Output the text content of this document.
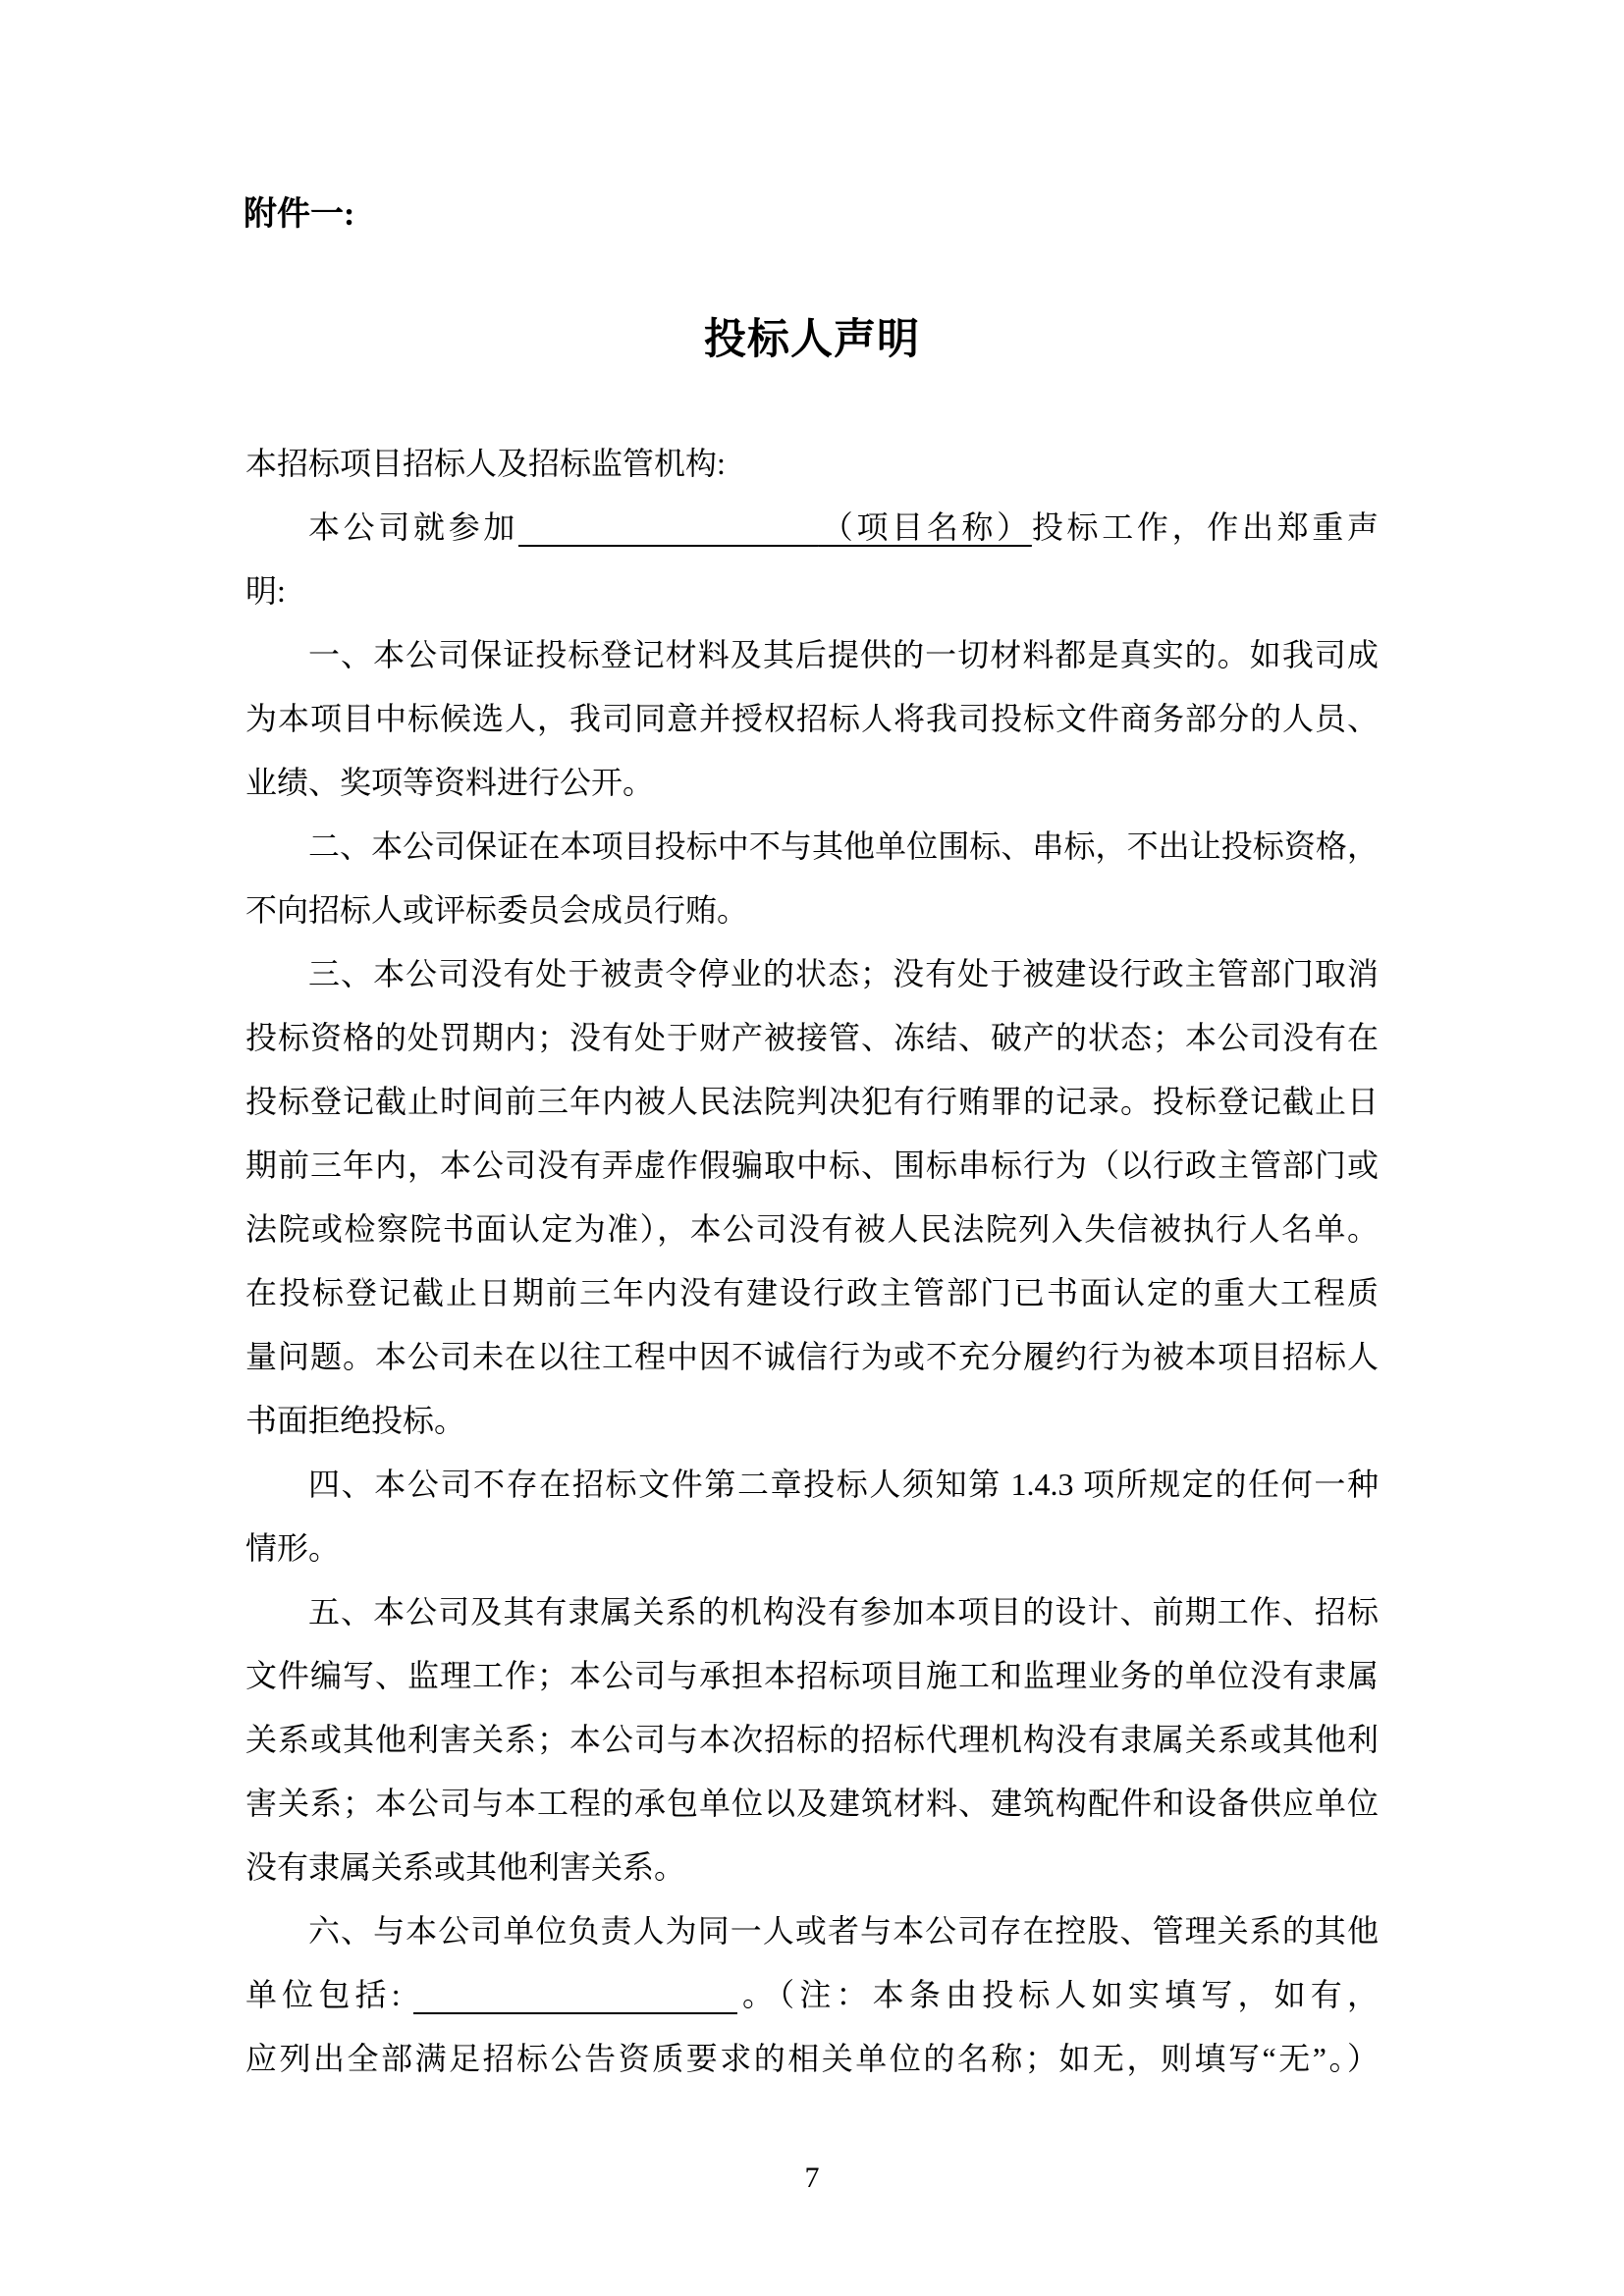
附件一:
投标人声明
本招标项目招标人及招标监管机构:
本公司就参加	（项目名称）投标工作，作出郑重声
明:
一、本公司保证投标登记材料及其后提供的一切材料都是真实的。如我司成
为本项目中标候选人，我司同意并授权招标人将我司投标文件商务部分的人员、
业绩、奖项等资料进行公开。
二、本公司保证在本项目投标中不与其他单位围标、串标，不出让投标资格，
不向招标人或评标委员会成员行贿。
三、本公司没有处于被责令停业的状态；没有处于被建设行政主管部门取消
投标资格的处罚期内；没有处于财产被接管、冻结、破产的状态；本公司没有在
投标登记截止时间前三年内被人民法院判决犯有行贿罪的记录。投标登记截止日
期前三年内，本公司没有弄虚作假骗取中标、围标串标行为（以行政主管部门或
法院或检察院书面认定为准），本公司没有被人民法院列入失信被执行人名单。
在投标登记截止日期前三年内没有建设行政主管部门已书面认定的重大工程质
量问题。本公司未在以往工程中因不诚信行为或不充分履约行为被本项目招标人
书面拒绝投标。
四、本公司不存在招标文件第二章投标人须知第 1.4.3 项所规定的任何一种
情形。
五、本公司及其有隶属关系的机构没有参加本项目的设计、前期工作、招标
文件编写、监理工作；本公司与承担本招标项目施工和监理业务的单位没有隶属
关系或其他利害关系；本公司与本次招标的招标代理机构没有隶属关系或其他利
害关系；本公司与本工程的承包单位以及建筑材料、建筑构配件和设备供应单位
没有隶属关系或其他利害关系。
六、与本公司单位负责人为同一人或者与本公司存在控股、管理关系的其他
单位包括:	。（注：本条由投标人如实填写，如有，
应列出全部满足招标公告资质要求的相关单位的名称；如无，则填写“无”。）
7
